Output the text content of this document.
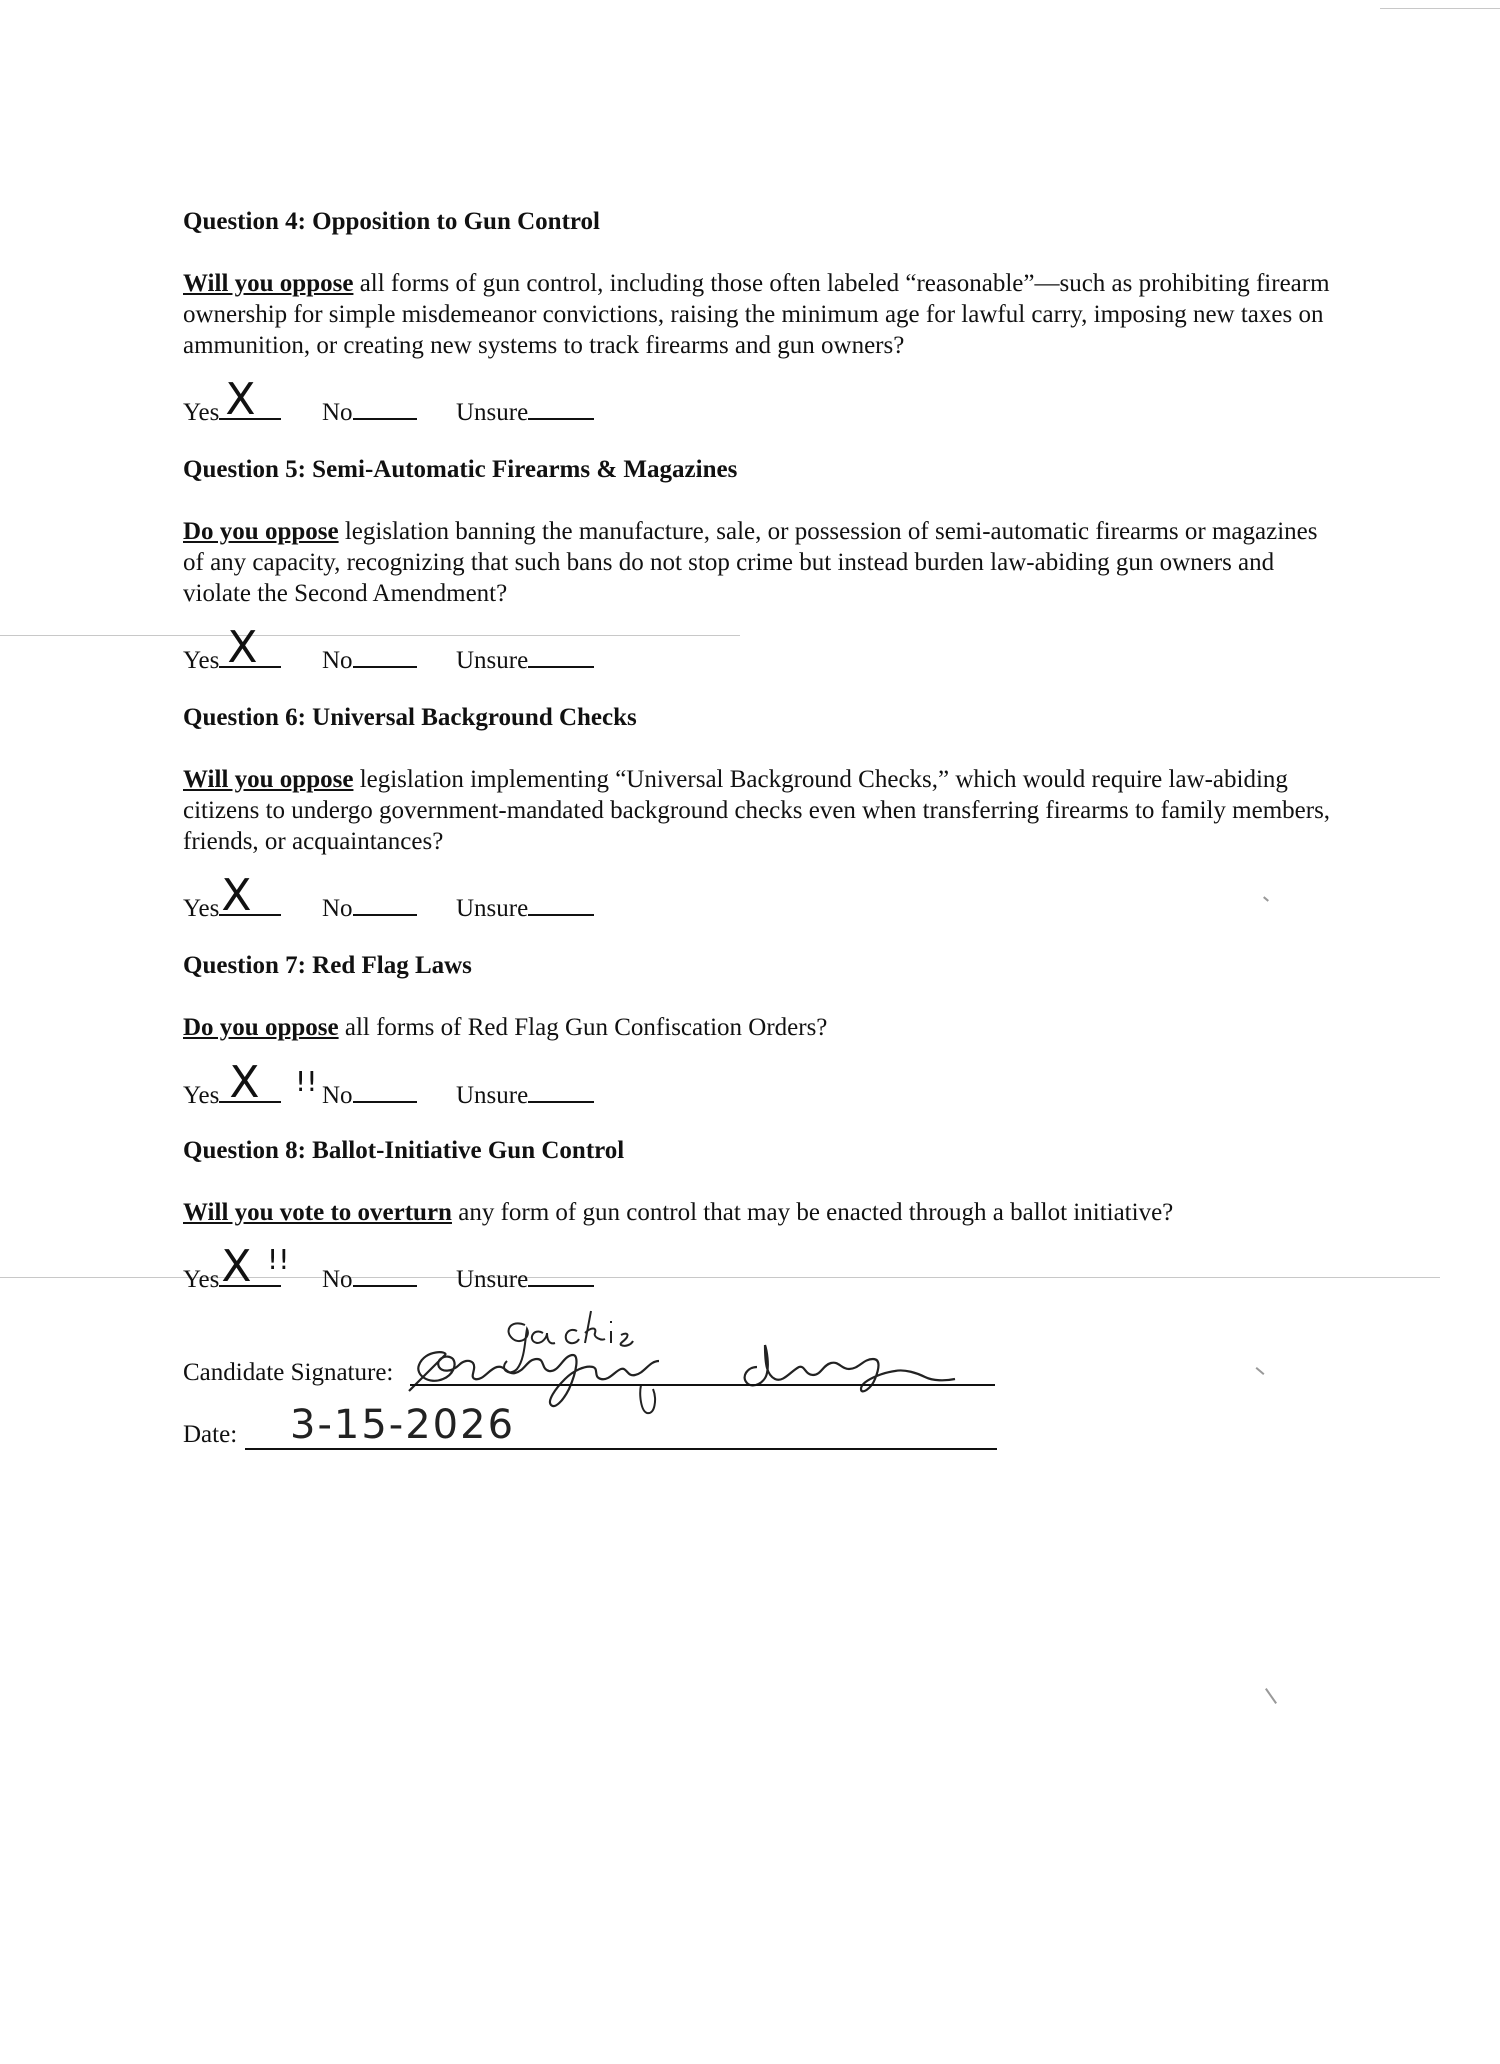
Question 4: Opposition to Gun Control

Will you oppose all forms of gun control, including those often labeled “reasonable”—such as prohibiting firearm ownership for simple misdemeanor convictions, raising the minimum age for lawful carry, imposing new taxes on ammunition, or creating new systems to track firearms and gun owners?

Yes X	No	Unsure
Question 5: Semi-Automatic Firearms & Magazines

Do you oppose legislation banning the manufacture, sale, or possession of semi-automatic firearms or magazines of any capacity, recognizing that such bans do not stop crime but instead burden law-abiding gun owners and violate the Second Amendment?

Yes X	No	Unsure
Question 6: Universal Background Checks

Will you oppose legislation implementing “Universal Background Checks,” which would require law-abiding citizens to undergo government-mandated background checks even when transferring firearms to family members, friends, or acquaintances?

Yes X	No	Unsure
Question 7: Red Flag Laws

Do you oppose all forms of Red Flag Gun Confiscation Orders?

Yes X !! No	Unsure
Question 8: Ballot-Initiative Gun Control

Will you vote to overturn any form of gun control that may be enacted through a ballot initiative?

Yes X !!
No	Unsure
Candidate Signature:
Date: 3-15-2026
